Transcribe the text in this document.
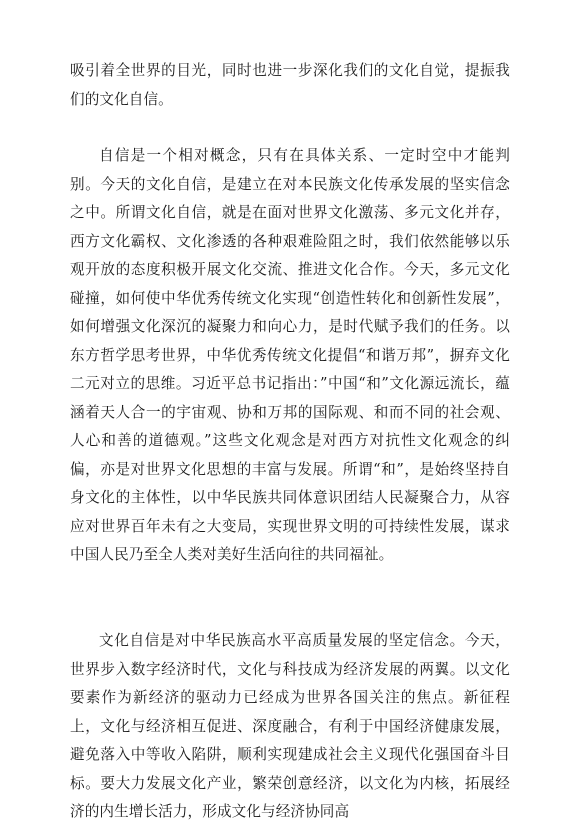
吸引着全世界的目光，同时也进一步深化我们的文化自觉，提振我们的文化自信。

自信是一个相对概念，只有在具体关系、一定时空中才能判别。今天的文化自信，是建立在对本民族文化传承发展的坚实信念之中。所谓文化自信，就是在面对世界文化激荡、多元文化并存，西方文化霸权、文化渗透的各种艰难险阻之时，我们依然能够以乐观开放的态度积极开展文化交流、推进文化合作。今天，多元文化碰撞，如何使中华优秀传统文化实现“创造性转化和创新性发展”，如何增强文化深沉的凝聚力和向心力，是时代赋予我们的任务。以东方哲学思考世界，中华优秀传统文化提倡“和谐万邦”，摒弃文化二元对立的思维。习近平总书记指出：”中国“和”文化源远流长，蕴涵着天人合一的宇宙观、协和万邦的国际观、和而不同的社会观、人心和善的道德观。”这些文化观念是对西方对抗性文化观念的纠偏，亦是对世界文化思想的丰富与发展。所谓“和”，是始终坚持自身文化的主体性，以中华民族共同体意识团结人民凝聚合力，从容应对世界百年未有之大变局，实现世界文明的可持续性发展，谋求中国人民乃至全人类对美好生活向往的共同福祉。

文化自信是对中华民族高水平高质量发展的坚定信念。今天，世界步入数字经济时代，文化与科技成为经济发展的两翼。以文化要素作为新经济的驱动力已经成为世界各国关注的焦点。新征程上，文化与经济相互促进、深度融合，有利于中国经济健康发展，避免落入中等收入陷阱，顺利实现建成社会主义现代化强国奋斗目标。要大力发展文化产业，繁荣创意经济，以文化为内核，拓展经济的内生增长活力，形成文化与经济协同高
